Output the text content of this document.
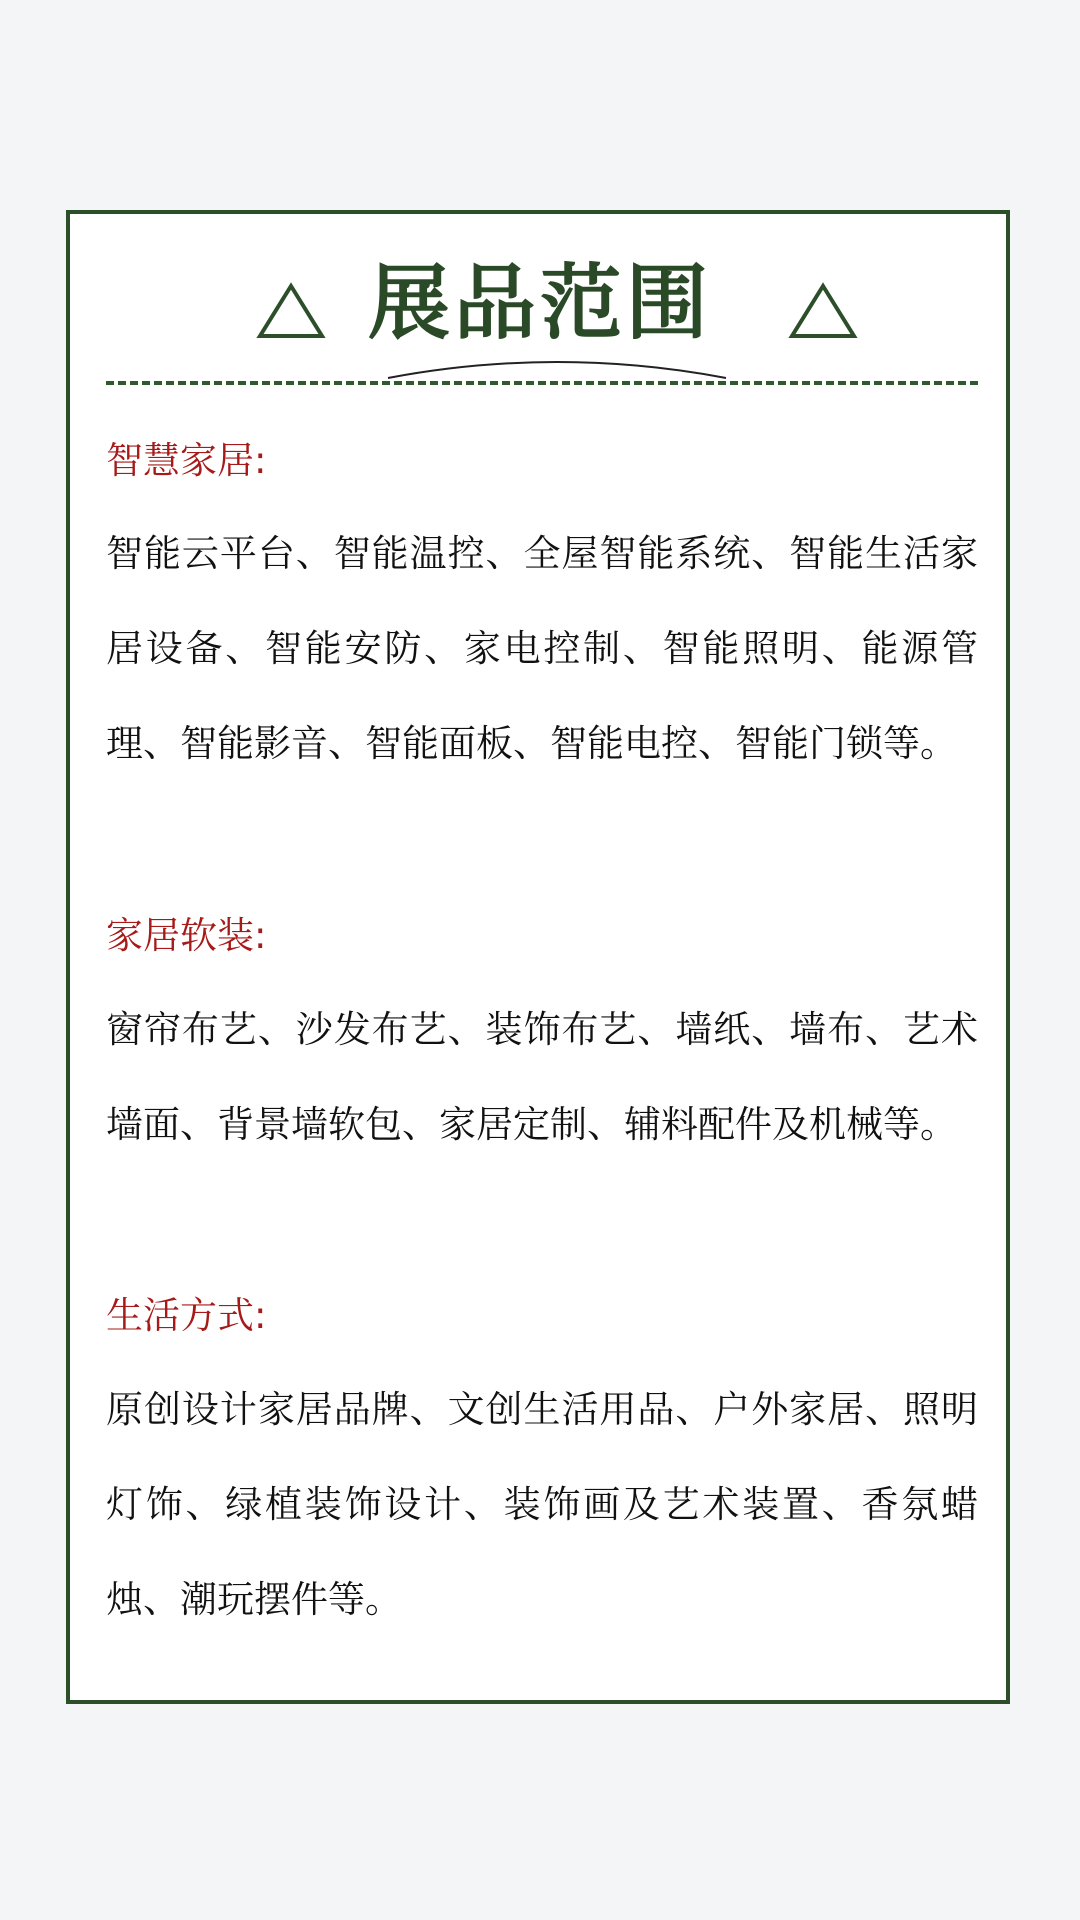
展品范围
智慧家居:
智能云平台、智能温控、全屋智能系统、智能生活家居设备、智能安防、家电控制、智能照明、能源管理、智能影音、智能面板、智能电控、智能门锁等。
家居软装:
窗帘布艺、沙发布艺、装饰布艺、墙纸、墙布、艺术墙面、背景墙软包、家居定制、辅料配件及机械等。
生活方式:
原创设计家居品牌、文创生活用品、户外家居、照明灯饰、绿植装饰设计、装饰画及艺术装置、香氛蜡烛、潮玩摆件等。
